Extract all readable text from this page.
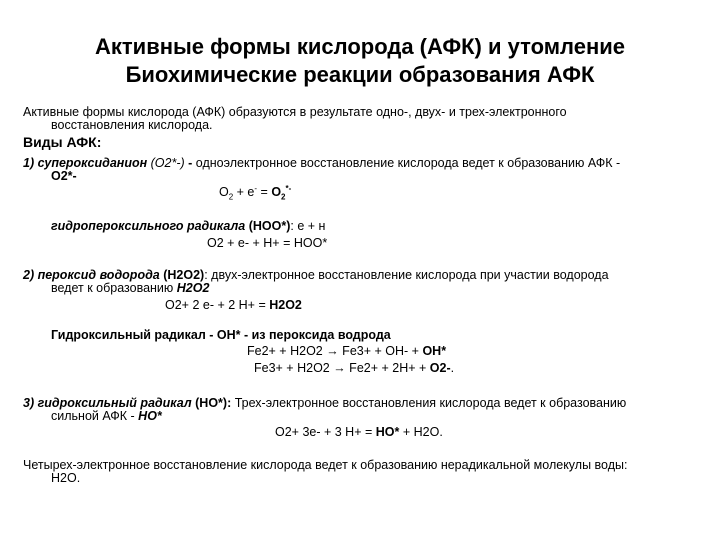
Активные формы кислорода (АФК) и утомление
Биохимические реакции образования АФК
Активные формы кислорода (АФК) образуются в результате одно-, двух- и трех-электронного
восстановления кислорода.
Виды АФК:
1) супероксиданион (О2*-) - одноэлектронное восстановление кислорода ведет к образованию АФК -
О2*-
$О_2 + е^- = О_2^{*-}$
гидропероксильного радикала (НОО*): е + н
О2 + е- + Н+ = НОО*
2) пероксид водорода (Н2О2): двух-электронное восстановление кислорода при участии водорода
ведет к образованию Н2О2
О2+ 2 е- + 2 Н+ = Н2О2
Гидроксильный радикал - ОН* - из пероксида водрода
Fe2+ + Н2О2 → Fe3+ + ОН- + ОН*
Fe3+ + Н2О2 → Fe2+ + 2Н+ + О2-.
3) гидроксильный радикал (НО*): Трех-электронное восстановления кислорода ведет к образованию
сильной АФК - НО*
О2+ 3е- + 3 Н+ = НО* + Н2О.
Четырех-электронное восстановление кислорода ведет к образованию нерадикальной молекулы воды:
Н2О.
